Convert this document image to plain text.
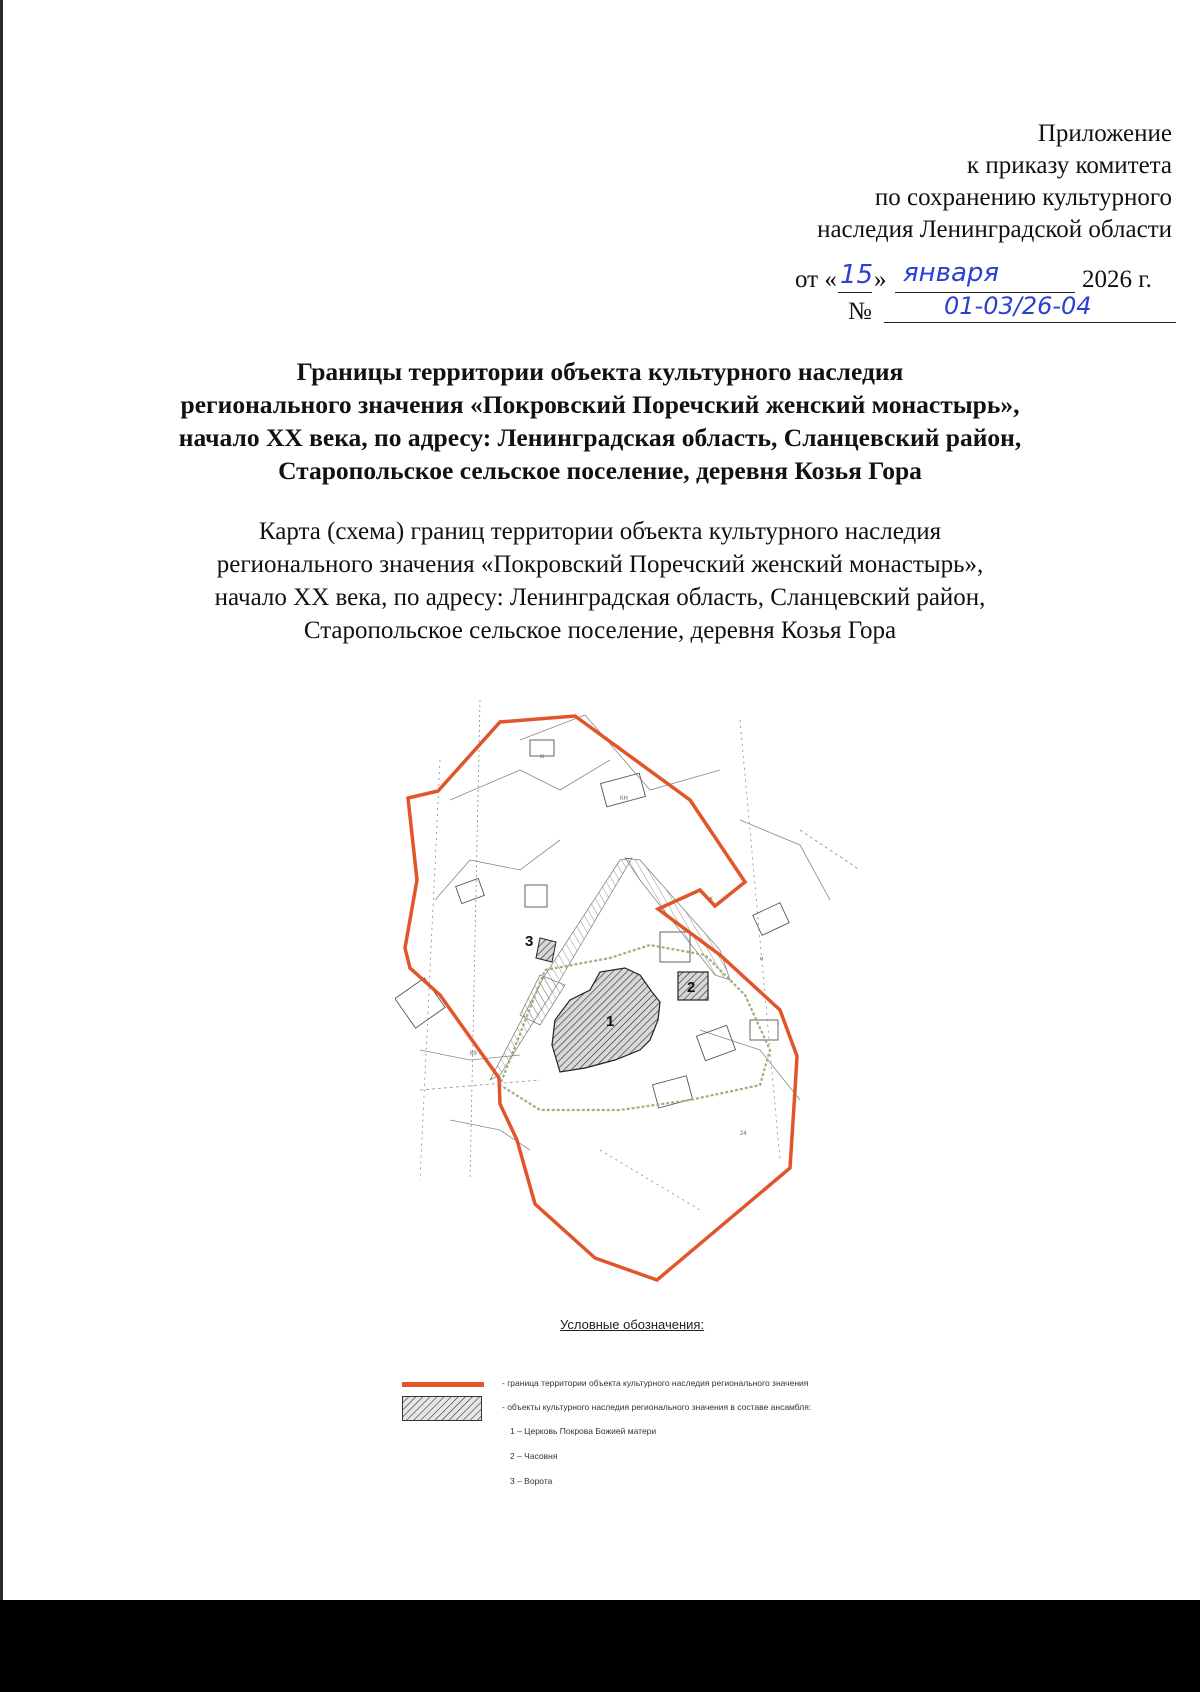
Приложение
к приказу комитета
по сохранению культурного
наследия Ленинградской области
от « 15 » января	2026 г.
№	01-03/26-04
Границы территории объекта культурного наследия
регионального значения «Покровский Поречский женский монастырь»,
начало XX века, по адресу: Ленинградская область, Сланцевский район,
Старопольское сельское поселение, деревня Козья Гора
Карта (схема) границ территории объекта культурного наследия
регионального значения «Покровский Поречский женский монастырь»,
начало XX века, по адресу: Ленинградская область, Сланцевский район,
Старопольское сельское поселение, деревня Козья Гора
ж
КН
к
н
69
24
1
2
3
Условные обозначения:
- граница территории объекта культурного наследия регионального значения
- объекты культурного наследия регионального значения в составе ансамбля:
1 – Церковь Покрова Божией матери
2 – Часовня
3 – Ворота
